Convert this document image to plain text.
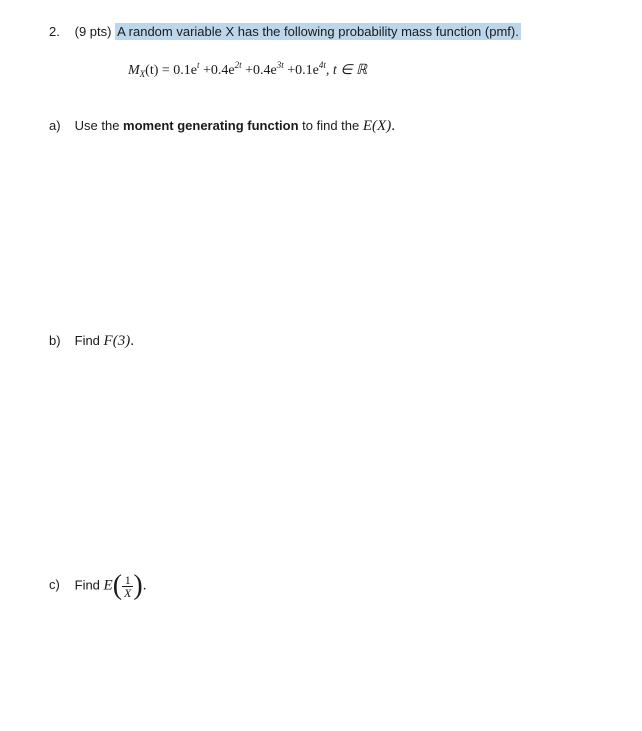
2. (9 pts) A random variable X has the following probability mass function (pmf).
$M_X(t) = 0.1e^t +0.4e^{2t} +0.4e^{3t} +0.1e^{4t}$, t ∈ ℝ
a) Use the moment generating function to find the E(X).
b) Find F(3).
c) Find $E( \frac{1}{X}$ ).
